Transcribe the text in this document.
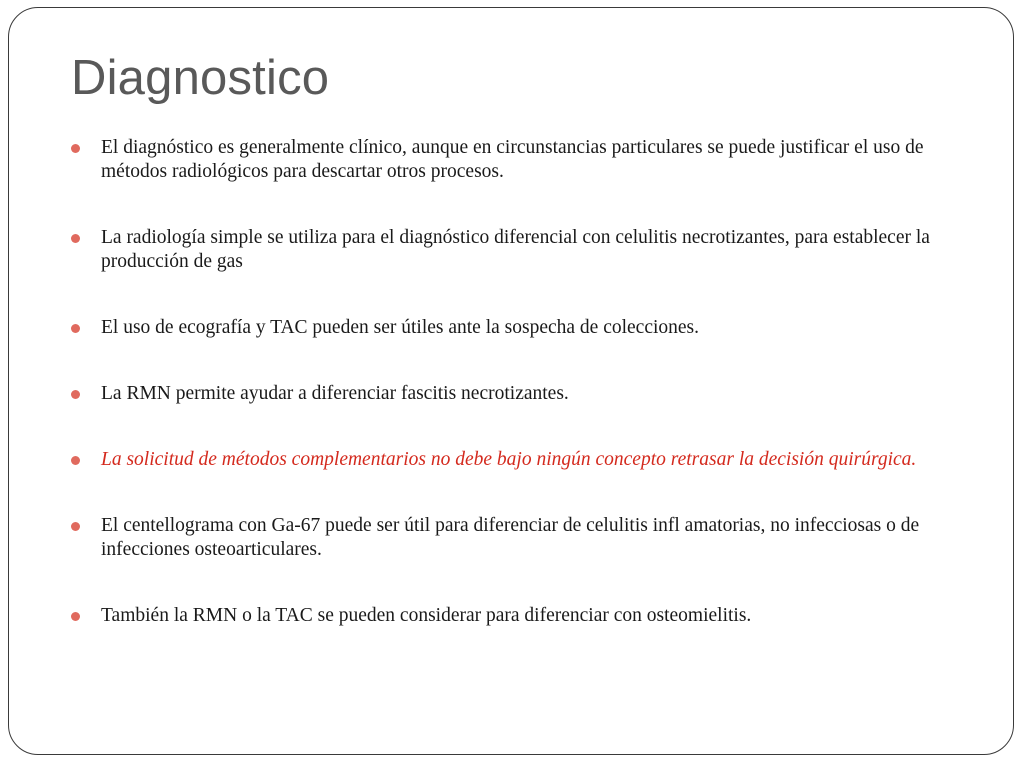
Diagnostico
El diagnóstico es generalmente clínico, aunque en circunstancias particulares se puede justificar el uso de métodos radiológicos para descartar otros procesos.
La radiología simple se utiliza para el diagnóstico diferencial con celulitis necrotizantes, para establecer la producción de gas
El uso de ecografía y TAC pueden ser útiles ante la sospecha de colecciones.
La RMN permite ayudar a diferenciar fascitis necrotizantes.
La solicitud de métodos complementarios no debe bajo ningún concepto retrasar la decisión quirúrgica.
El centellograma con Ga-67 puede ser útil para diferenciar de celulitis infl amatorias, no infecciosas o de infecciones osteoarticulares.
También la RMN o la TAC se pueden considerar para diferenciar con osteomielitis.
